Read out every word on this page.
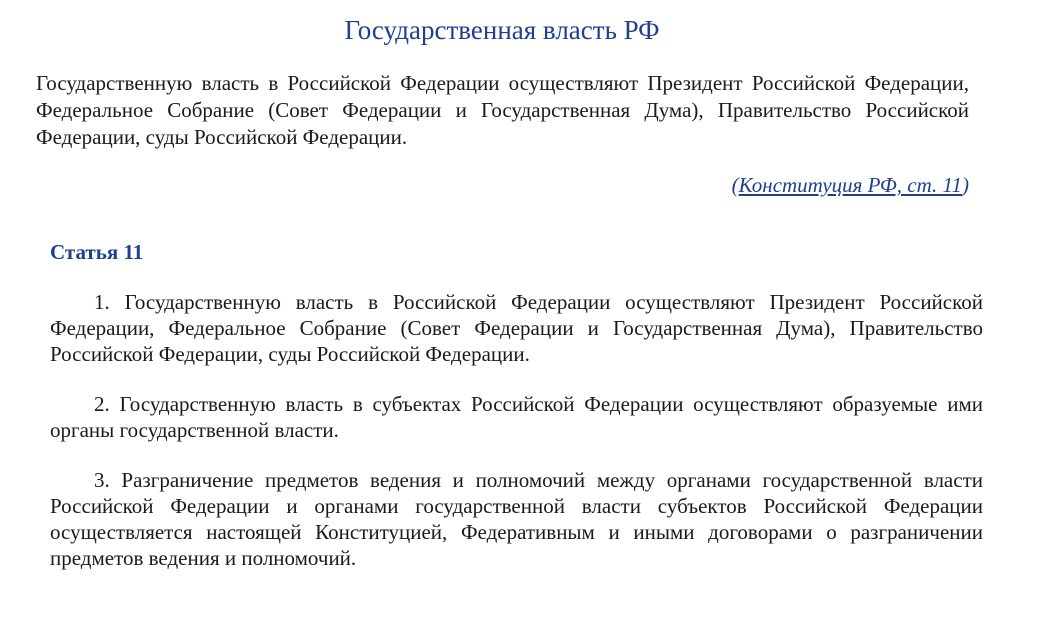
Государственная власть РФ
Государственную власть в Российской Федерации осуществляют Президент Российской Федерации, Федеральное Собрание (Совет Федерации и Государственная Дума), Правительство Российской Федерации, суды Российской Федерации.
(Конституция РФ, ст. 11)
Статья 11

1. Государственную власть в Российской Федерации осуществляют Президент Российской Федерации, Федеральное Собрание (Совет Федерации и Государственная Дума), Правительство Российской Федерации, суды Российской Федерации.

2. Государственную власть в субъектах Российской Федерации осуществляют образуемые ими органы государственной власти.

3. Разграничение предметов ведения и полномочий между органами государственной власти Российской Федерации и органами государственной власти субъектов Российской Федерации осуществляется настоящей Конституцией, Федеративным и иными договорами о разграничении предметов ведения и полномочий.
